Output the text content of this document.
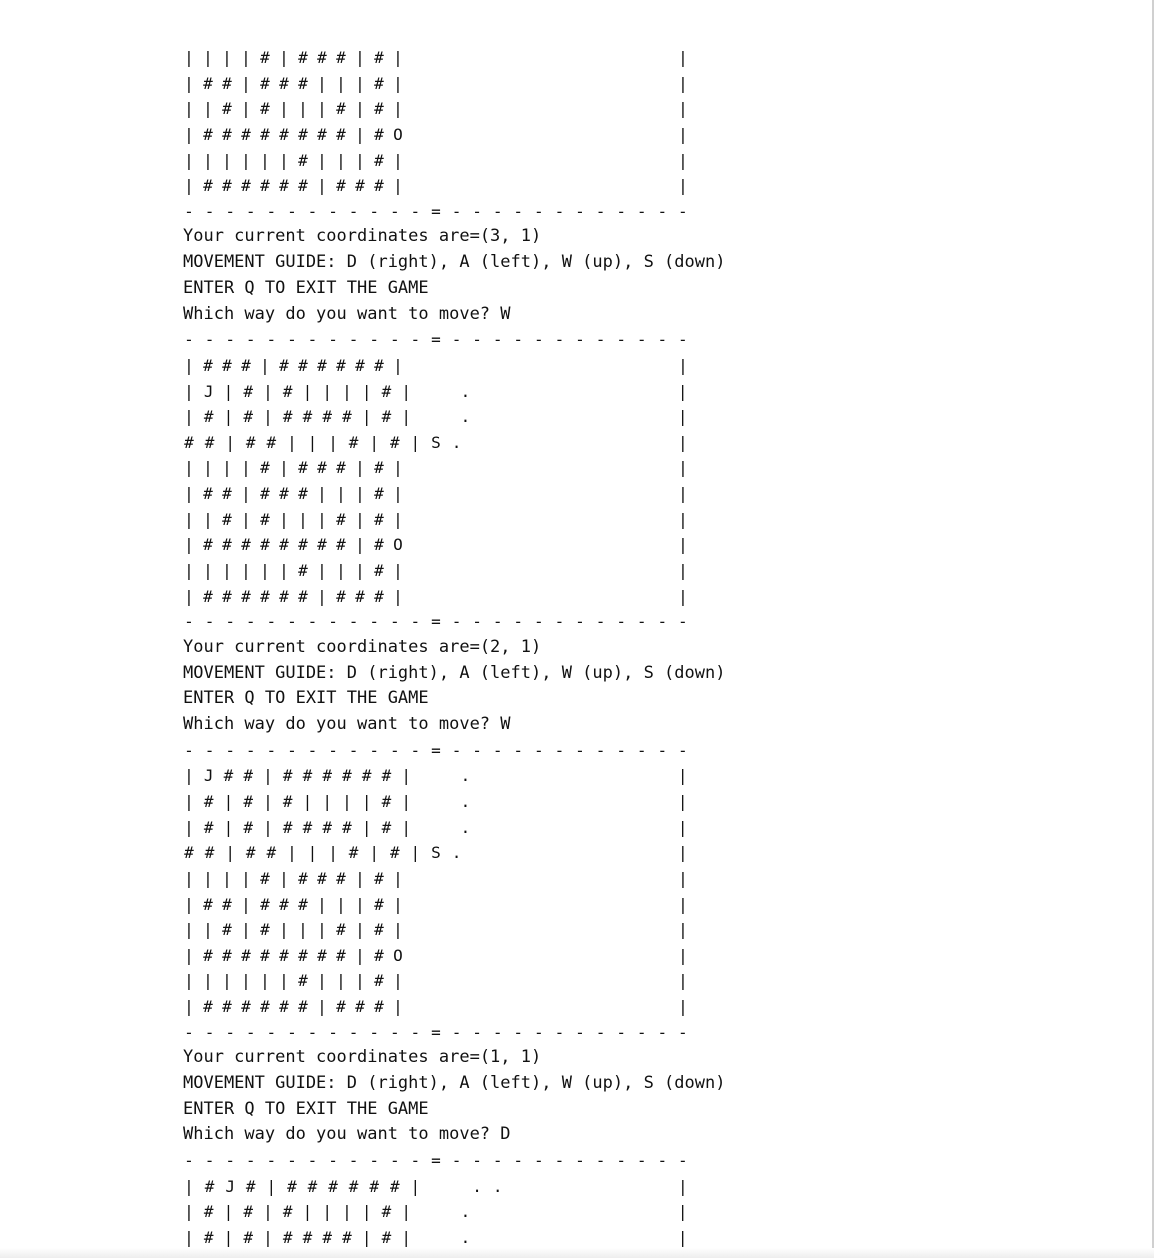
| | | | # | # # # | # |	|
| # # | # # # | | | # |	|
| | # | # | | | # | # |	|
| # # # # # # # # | # O	|
| | | | | | # | | | # |	|
| # # # # # # | # # # |	|
- - - - - - - - - - - - = - - - - - - - - - - - -
Your current coordinates are=(3, 1)
MOVEMENT GUIDE: D (right), A (left), W (up), S (down)
ENTER Q TO EXIT THE GAME
Which way do you want to move? W
- - - - - - - - - - - - = - - - - - - - - - - - -
| # # # | # # # # # # |	|
| J | # | # | | | | # |	.	|
| # | # | # # # # | # |	.	|
# # | # # | | | # | # | S .	|
| | | | # | # # # | # |	|
| # # | # # # | | | # |	|
| | # | # | | | # | # |	|
| # # # # # # # # | # O	|
| | | | | | # | | | # |	|
| # # # # # # | # # # |	|
- - - - - - - - - - - - = - - - - - - - - - - - -
Your current coordinates are=(2, 1)
MOVEMENT GUIDE: D (right), A (left), W (up), S (down)
ENTER Q TO EXIT THE GAME
Which way do you want to move? W
- - - - - - - - - - - - = - - - - - - - - - - - -
| J # # | # # # # # # |	.	|
| # | # | # | | | | # |	.	|
| # | # | # # # # | # |	.	|
# # | # # | | | # | # | S .	|
| | | | # | # # # | # |	|
| # # | # # # | | | # |	|
| | # | # | | | # | # |	|
| # # # # # # # # | # O	|
| | | | | | # | | | # |	|
| # # # # # # | # # # |	|
- - - - - - - - - - - - = - - - - - - - - - - - -
Your current coordinates are=(1, 1)
MOVEMENT GUIDE: D (right), A (left), W (up), S (down)
ENTER Q TO EXIT THE GAME
Which way do you want to move? D
- - - - - - - - - - - - = - - - - - - - - - - - -
| # J # | # # # # # # |	. .	|
| # | # | # | | | | # |	.	|
| # | # | # # # # | # |	.	|
